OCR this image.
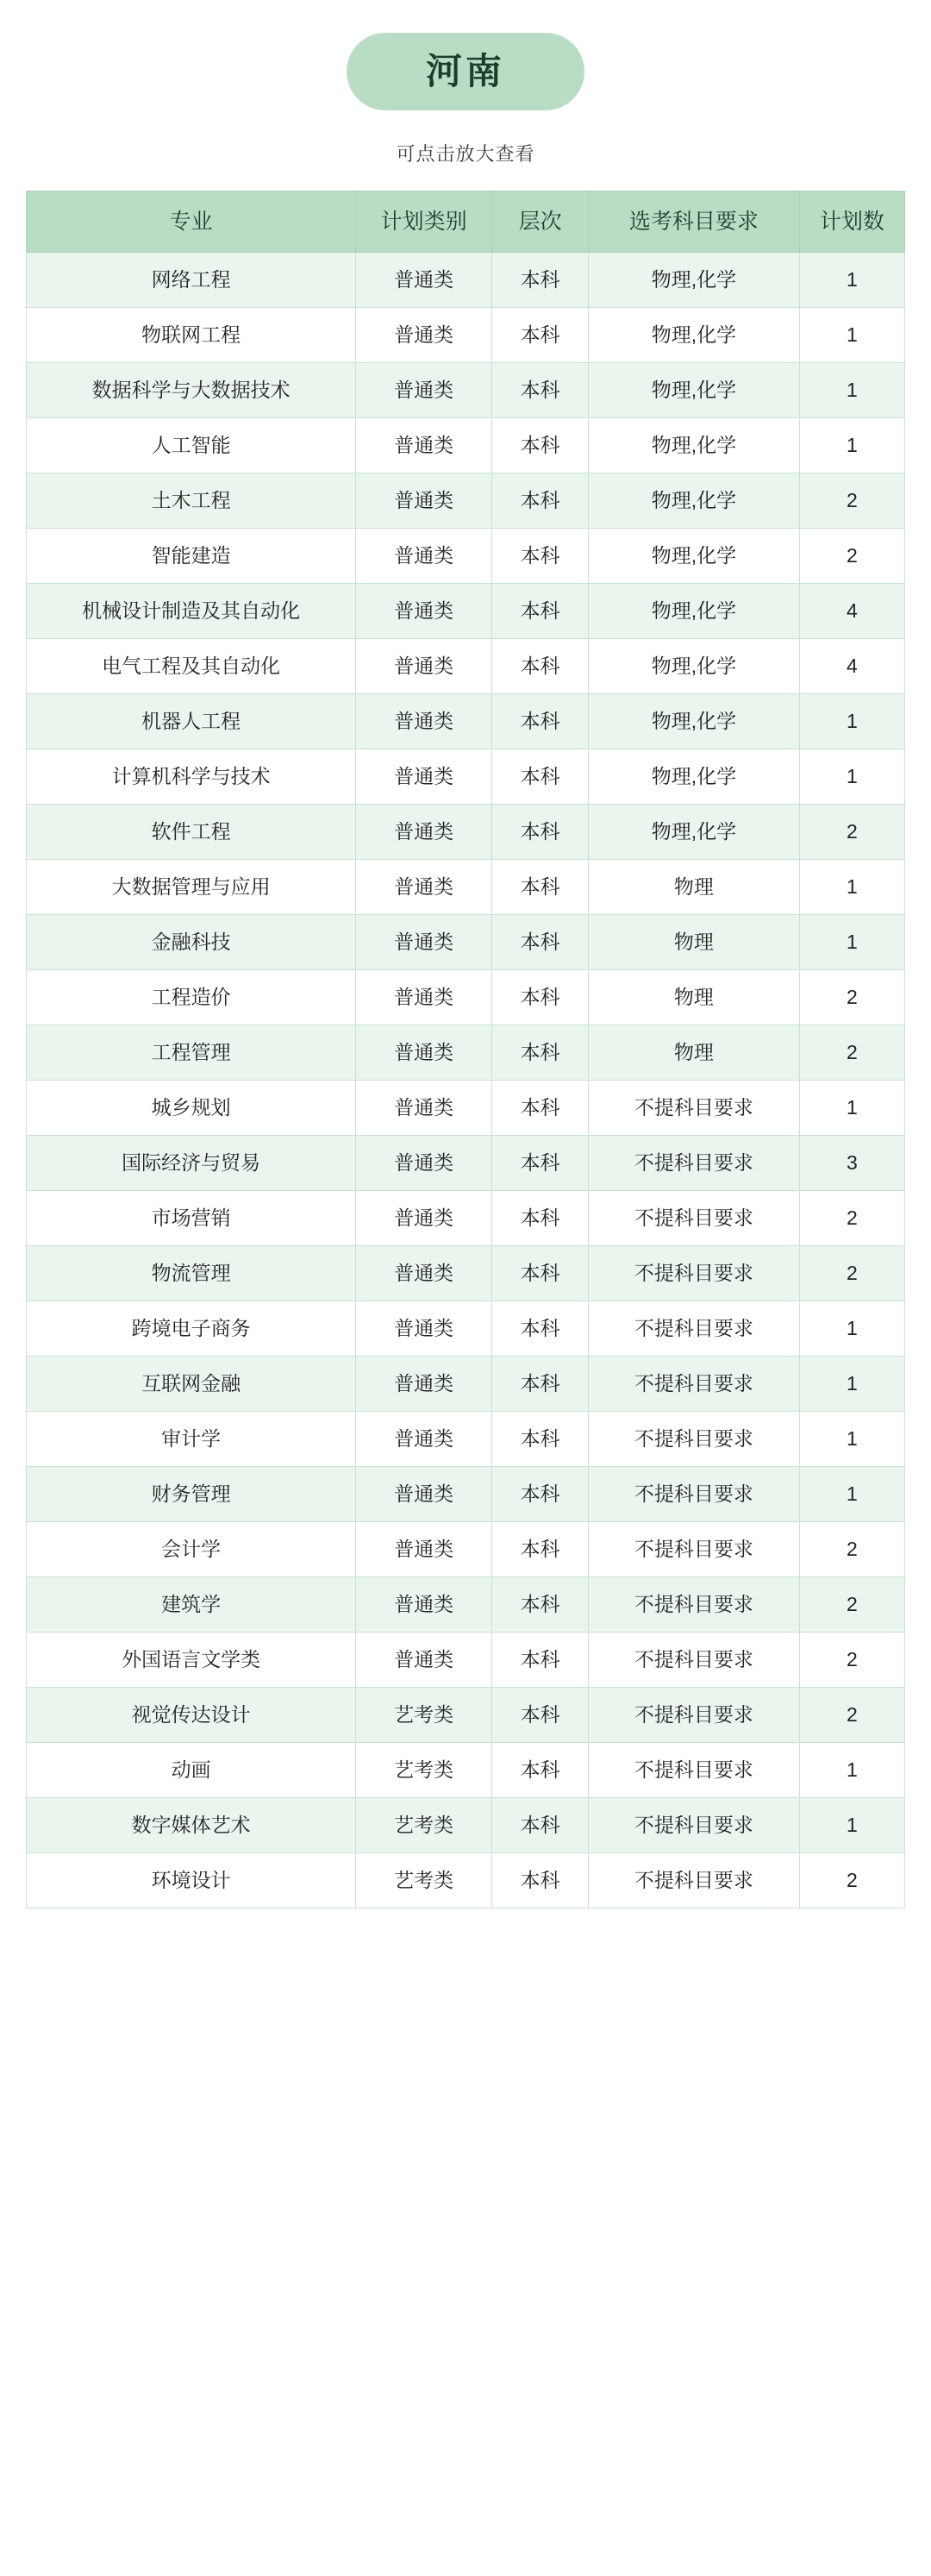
河南
可点击放大查看
专业	计划类别	层次	选考科目要求	计划数
网络工程	普通类	本科	物理,化学	1
物联网工程	普通类	本科	物理,化学	1
数据科学与大数据技术	普通类	本科	物理,化学	1
人工智能	普通类	本科	物理,化学	1
土木工程	普通类	本科	物理,化学	2
智能建造	普通类	本科	物理,化学	2
机械设计制造及其自动化	普通类	本科	物理,化学	4
电气工程及其自动化	普通类	本科	物理,化学	4
机器人工程	普通类	本科	物理,化学	1
计算机科学与技术	普通类	本科	物理,化学	1
软件工程	普通类	本科	物理,化学	2
大数据管理与应用	普通类	本科	物理	1
金融科技	普通类	本科	物理	1
工程造价	普通类	本科	物理	2
工程管理	普通类	本科	物理	2
城乡规划	普通类	本科	不提科目要求	1
国际经济与贸易	普通类	本科	不提科目要求	3
市场营销	普通类	本科	不提科目要求	2
物流管理	普通类	本科	不提科目要求	2
跨境电子商务	普通类	本科	不提科目要求	1
互联网金融	普通类	本科	不提科目要求	1
审计学	普通类	本科	不提科目要求	1
财务管理	普通类	本科	不提科目要求	1
会计学	普通类	本科	不提科目要求	2
建筑学	普通类	本科	不提科目要求	2
外国语言文学类	普通类	本科	不提科目要求	2
视觉传达设计	艺考类	本科	不提科目要求	2
动画	艺考类	本科	不提科目要求	1
数字媒体艺术	艺考类	本科	不提科目要求	1
环境设计	艺考类	本科	不提科目要求	2
